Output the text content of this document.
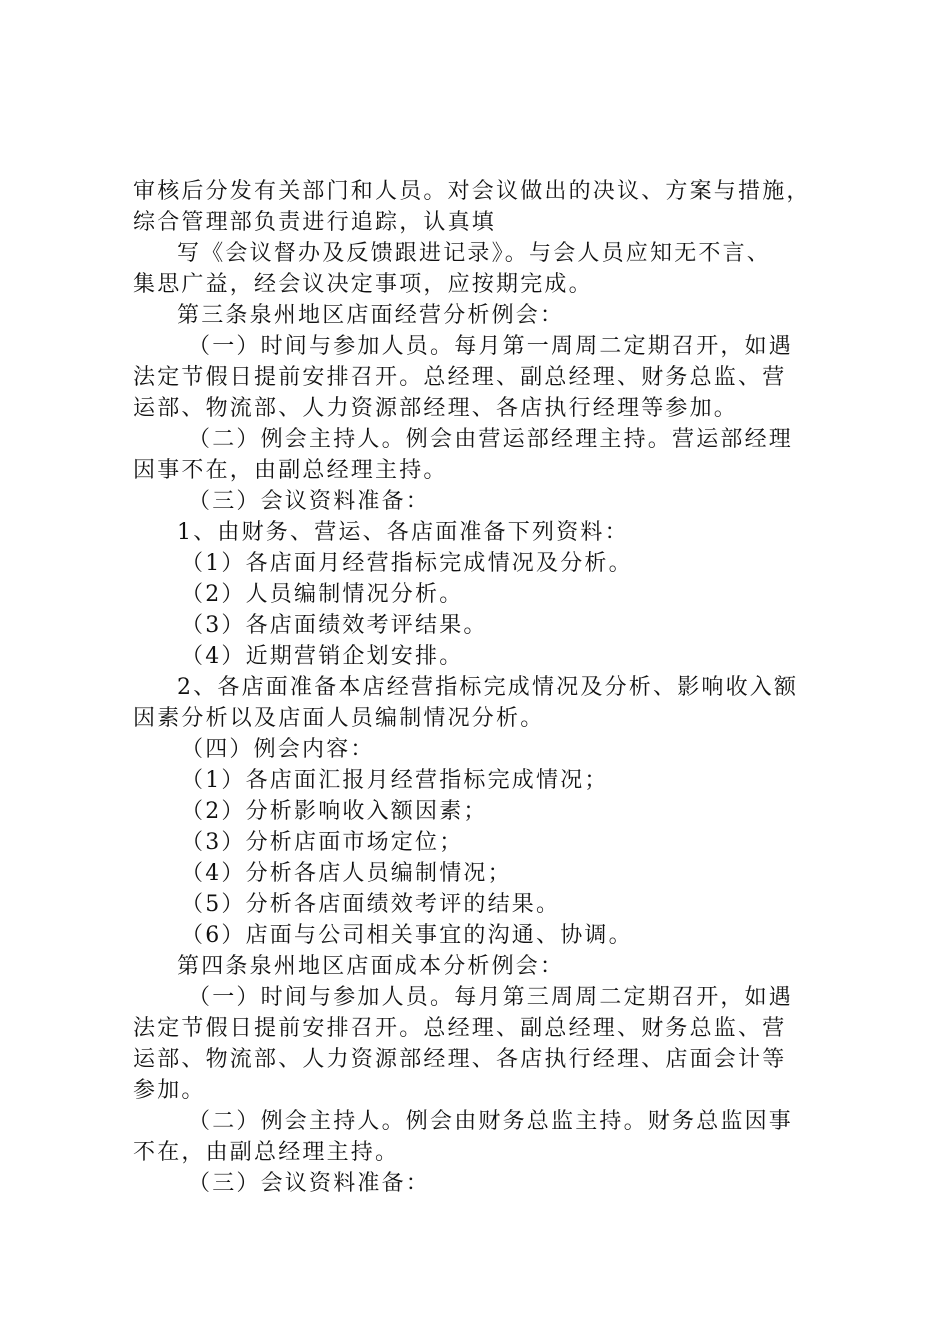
审核后分发有关部门和人员。对会议做出的决议、方案与措施，
综合管理部负责进行追踪，认真填
写《会议督办及反馈跟进记录》。与会人员应知无不言、
集思广益，经会议决定事项，应按期完成。
第三条泉州地区店面经营分析例会：
（一）时间与参加人员。每月第一周周二定期召开，如遇
法定节假日提前安排召开。总经理、副总经理、财务总监、营
运部、物流部、人力资源部经理、各店执行经理等参加。
（二）例会主持人。例会由营运部经理主持。营运部经理
因事不在，由副总经理主持。
（三）会议资料准备：
1、由财务、营运、各店面准备下列资料：
（1）各店面月经营指标完成情况及分析。
（2）人员编制情况分析。
（3）各店面绩效考评结果。
（4）近期营销企划安排。
2、各店面准备本店经营指标完成情况及分析、影响收入额
因素分析以及店面人员编制情况分析。
（四）例会内容：
（1）各店面汇报月经营指标完成情况；
（2）分析影响收入额因素；
（3）分析店面市场定位；
（4）分析各店人员编制情况；
（5）分析各店面绩效考评的结果。
（6）店面与公司相关事宜的沟通、协调。
第四条泉州地区店面成本分析例会：
（一）时间与参加人员。每月第三周周二定期召开，如遇
法定节假日提前安排召开。总经理、副总经理、财务总监、营
运部、物流部、人力资源部经理、各店执行经理、店面会计等
参加。
（二）例会主持人。例会由财务总监主持。财务总监因事
不在，由副总经理主持。
（三）会议资料准备：
